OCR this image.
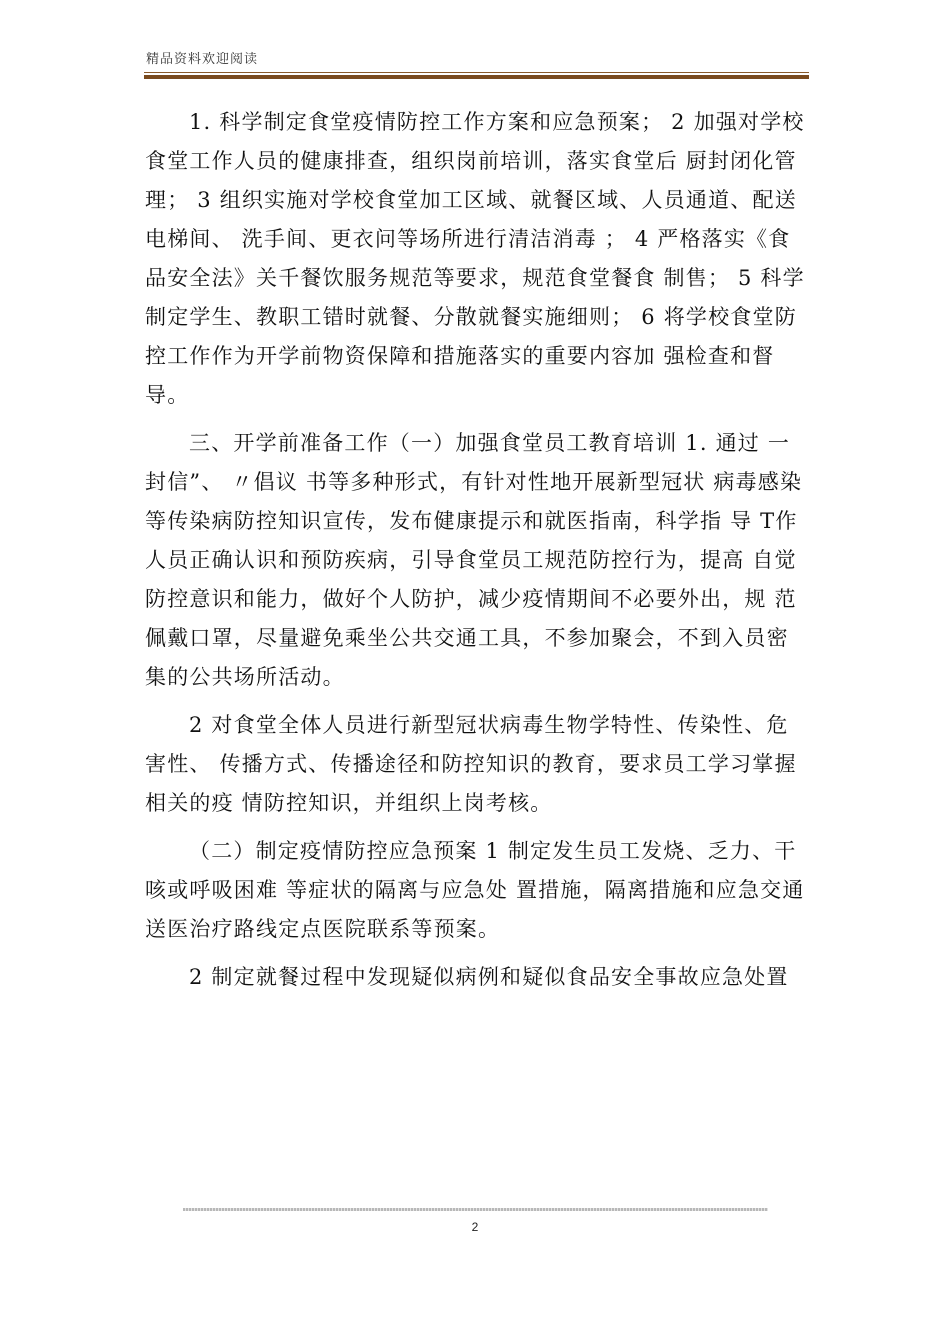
精品资料欢迎阅读

1. 科学制定食堂疫情防控工作方案和应急预案； 2 加强对学校食堂工作人员的健康排查，组织岗前培训，落实食堂后 厨封闭化管理； 3 组织实施对学校食堂加工区域、就餐区域、人员通道、配送电梯间、 洗手间、更衣问等场所进行清洁消毒 ； 4 严格落实《食品安全法》关千餐饮服务规范等要求，规范食堂餐食 制售； 5 科学制定学生、教职工错时就餐、分散就餐实施细则； 6 将学校食堂防控工作作为开学前物资保障和措施落实的重要内容加 强检查和督导。

三、开学前准备工作（一）加强食堂员工教育培训 1. 通过 一封信”、 〃倡议 书等多种形式，有针对性地开展新型冠状 病毒感染等传染病防控知识宣传，发布健康提示和就医指南，科学指 导 T作人员正确认识和预防疾病，引导食堂员工规范防控行为，提高 自觉防控意识和能力，做好个人防护，减少疫情期间不必要外出，规 范佩戴口罩，尽量避免乘坐公共交通工具，不参加聚会，不到入员密 集的公共场所活动。

2 对食堂全体人员进行新型冠状病毒生物学特性、传染性、危害性、 传播方式、传播途径和防控知识的教育，要求员工学习掌握相关的疫 情防控知识，并组织上岗考核。

（二）制定疫情防控应急预案 1 制定发生员工发烧、乏力、干咳或呼吸困难 等症状的隔离与应急处 置措施，隔离措施和应急交通送医治疗路线定点医院联系等预案。

2 制定就餐过程中发现疑似病例和疑似食品安全事故应急处置

2
